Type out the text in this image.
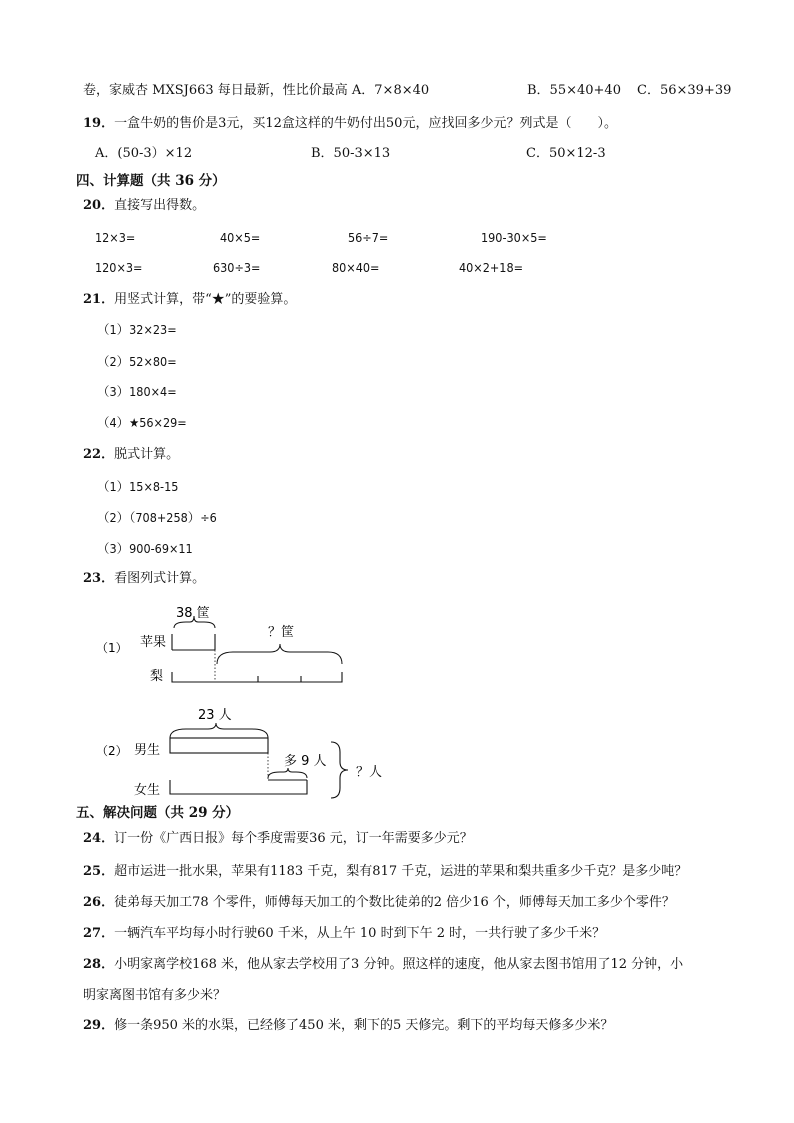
卷，家威杏 MXSJ663 每日最新，性比价最高 A．7×8×40	B．55×40+40 C．56×39+39
19．一盒牛奶的售价是3元，买12盒这样的牛奶付出50元，应找回多少元？列式是（　　）。
A．(50-3）×12	B．50-3×13	C．50×12-3
四、计算题（共 36 分）
20．直接写出得数。
12×3=	40×5=	56÷7=	190-30×5=
120×3=	630÷3=	80×40=	40×2+18=
21．用竖式计算，带“★”的要验算。
（1）32×23=
（2）52×80=
（3）180×4=
（4）★56×29=
22．脱式计算。
（1）15×8-15
（2）（708+258）÷6
（3）900-69×11
23．看图列式计算。
（1） 苹果
梨
38 筐
？筐
（2） 男生
女生
23 人
多 9 人
？人
五、解决问题（共 29 分）
24．订一份《广西日报》每个季度需要36 元，订一年需要多少元？
25．超市运进一批水果，苹果有1183 千克，梨有817 千克，运进的苹果和梨共重多少千克？是多少吨？
26．徒弟每天加工78 个零件，师傅每天加工的个数比徒弟的2 倍少16 个，师傅每天加工多少个零件？
27．一辆汽车平均每小时行驶60 千米，从上午 10 时到下午 2 时，一共行驶了多少千米？
28．小明家离学校168 米，他从家去学校用了3 分钟。照这样的速度，他从家去图书馆用了12 分钟，小
明家离图书馆有多少米？
29．修一条950 米的水渠，已经修了450 米，剩下的5 天修完。剩下的平均每天修多少米？
